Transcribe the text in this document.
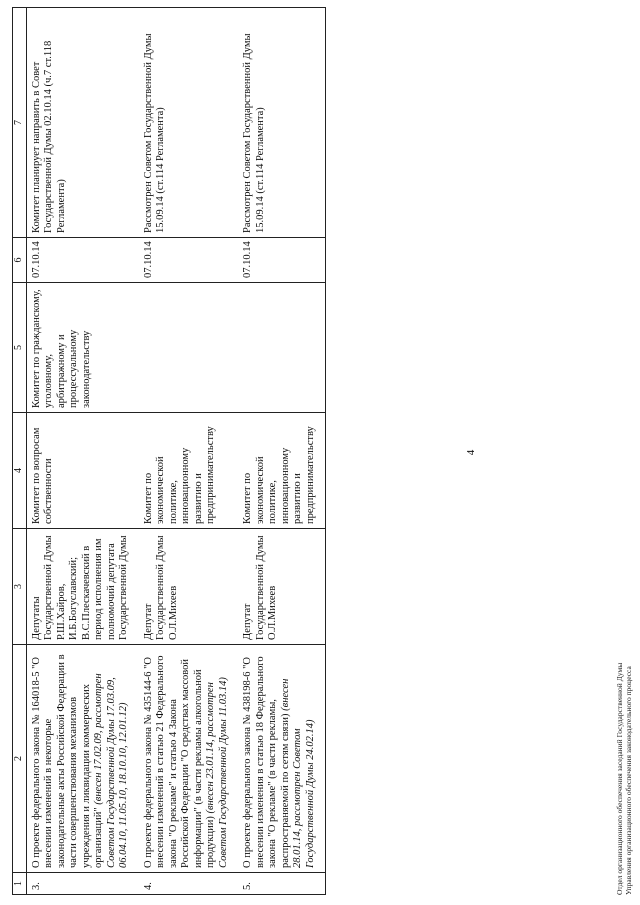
1	2	3	4	5	6	7
3.	О проекте федерального закона № 164018-5 "О внесении изменений в некоторые законодательные акты Российской Федерации в части совершенствования механизмов учреждения и ликвидации коммерческих организаций" (внесен 17.02.09, рассмотрен Советом Государственной Думы 17.03.09, 06.04.10, 11.05.10, 18.10.10, 12.01.12)	Депутаты Государственной Думы Р.Ш.Хайров, И.Б.Богуславский; В.С.Плескачевский в период исполнения им полномочий депутата Государственной Думы	Комитет по вопросам собственности	Комитет по гражданскому, уголовному, арбитражному и процессуальному законодательству	07.10.14	Комитет планирует направить в Совет Государственной Думы 02.10.14 (ч.7 ст.118 Регламента)
4.	О проекте федерального закона № 435144-6 "О внесении изменений в статью 21 Федерального закона "О рекламе" и статью 4 Закона Российской Федерации "О средствах массовой информации" (в части рекламы алкогольной продукции) (внесен 23.01.14, рассмотрен Советом Государственной Думы 11.03.14)	Депутат Государственной Думы О.Л.Михеев	Комитет по экономической политике, инновационному развитию и предпринимательству		07.10.14	Рассмотрен Советом Государственной Думы 15.09.14 (ст.114 Регламента)
5.	О проекте федерального закона № 438198-6 "О внесении изменения в статью 18 Федерального закона "О рекламе" (в части рекламы, распространяемой по сетям связи) (внесен 28.01.14, рассмотрен Советом Государственной Думы 24.02.14)	Депутат Государственной Думы О.Л.Михеев	Комитет по экономической политике, инновационному развитию и предпринимательству		07.10.14	Рассмотрен Советом Государственной Думы 15.09.14 (ст.114 Регламента)
4
Отдел организационного обеспечения заседаний Государственной Думы Управления организационного обеспечения законодательного процесса
